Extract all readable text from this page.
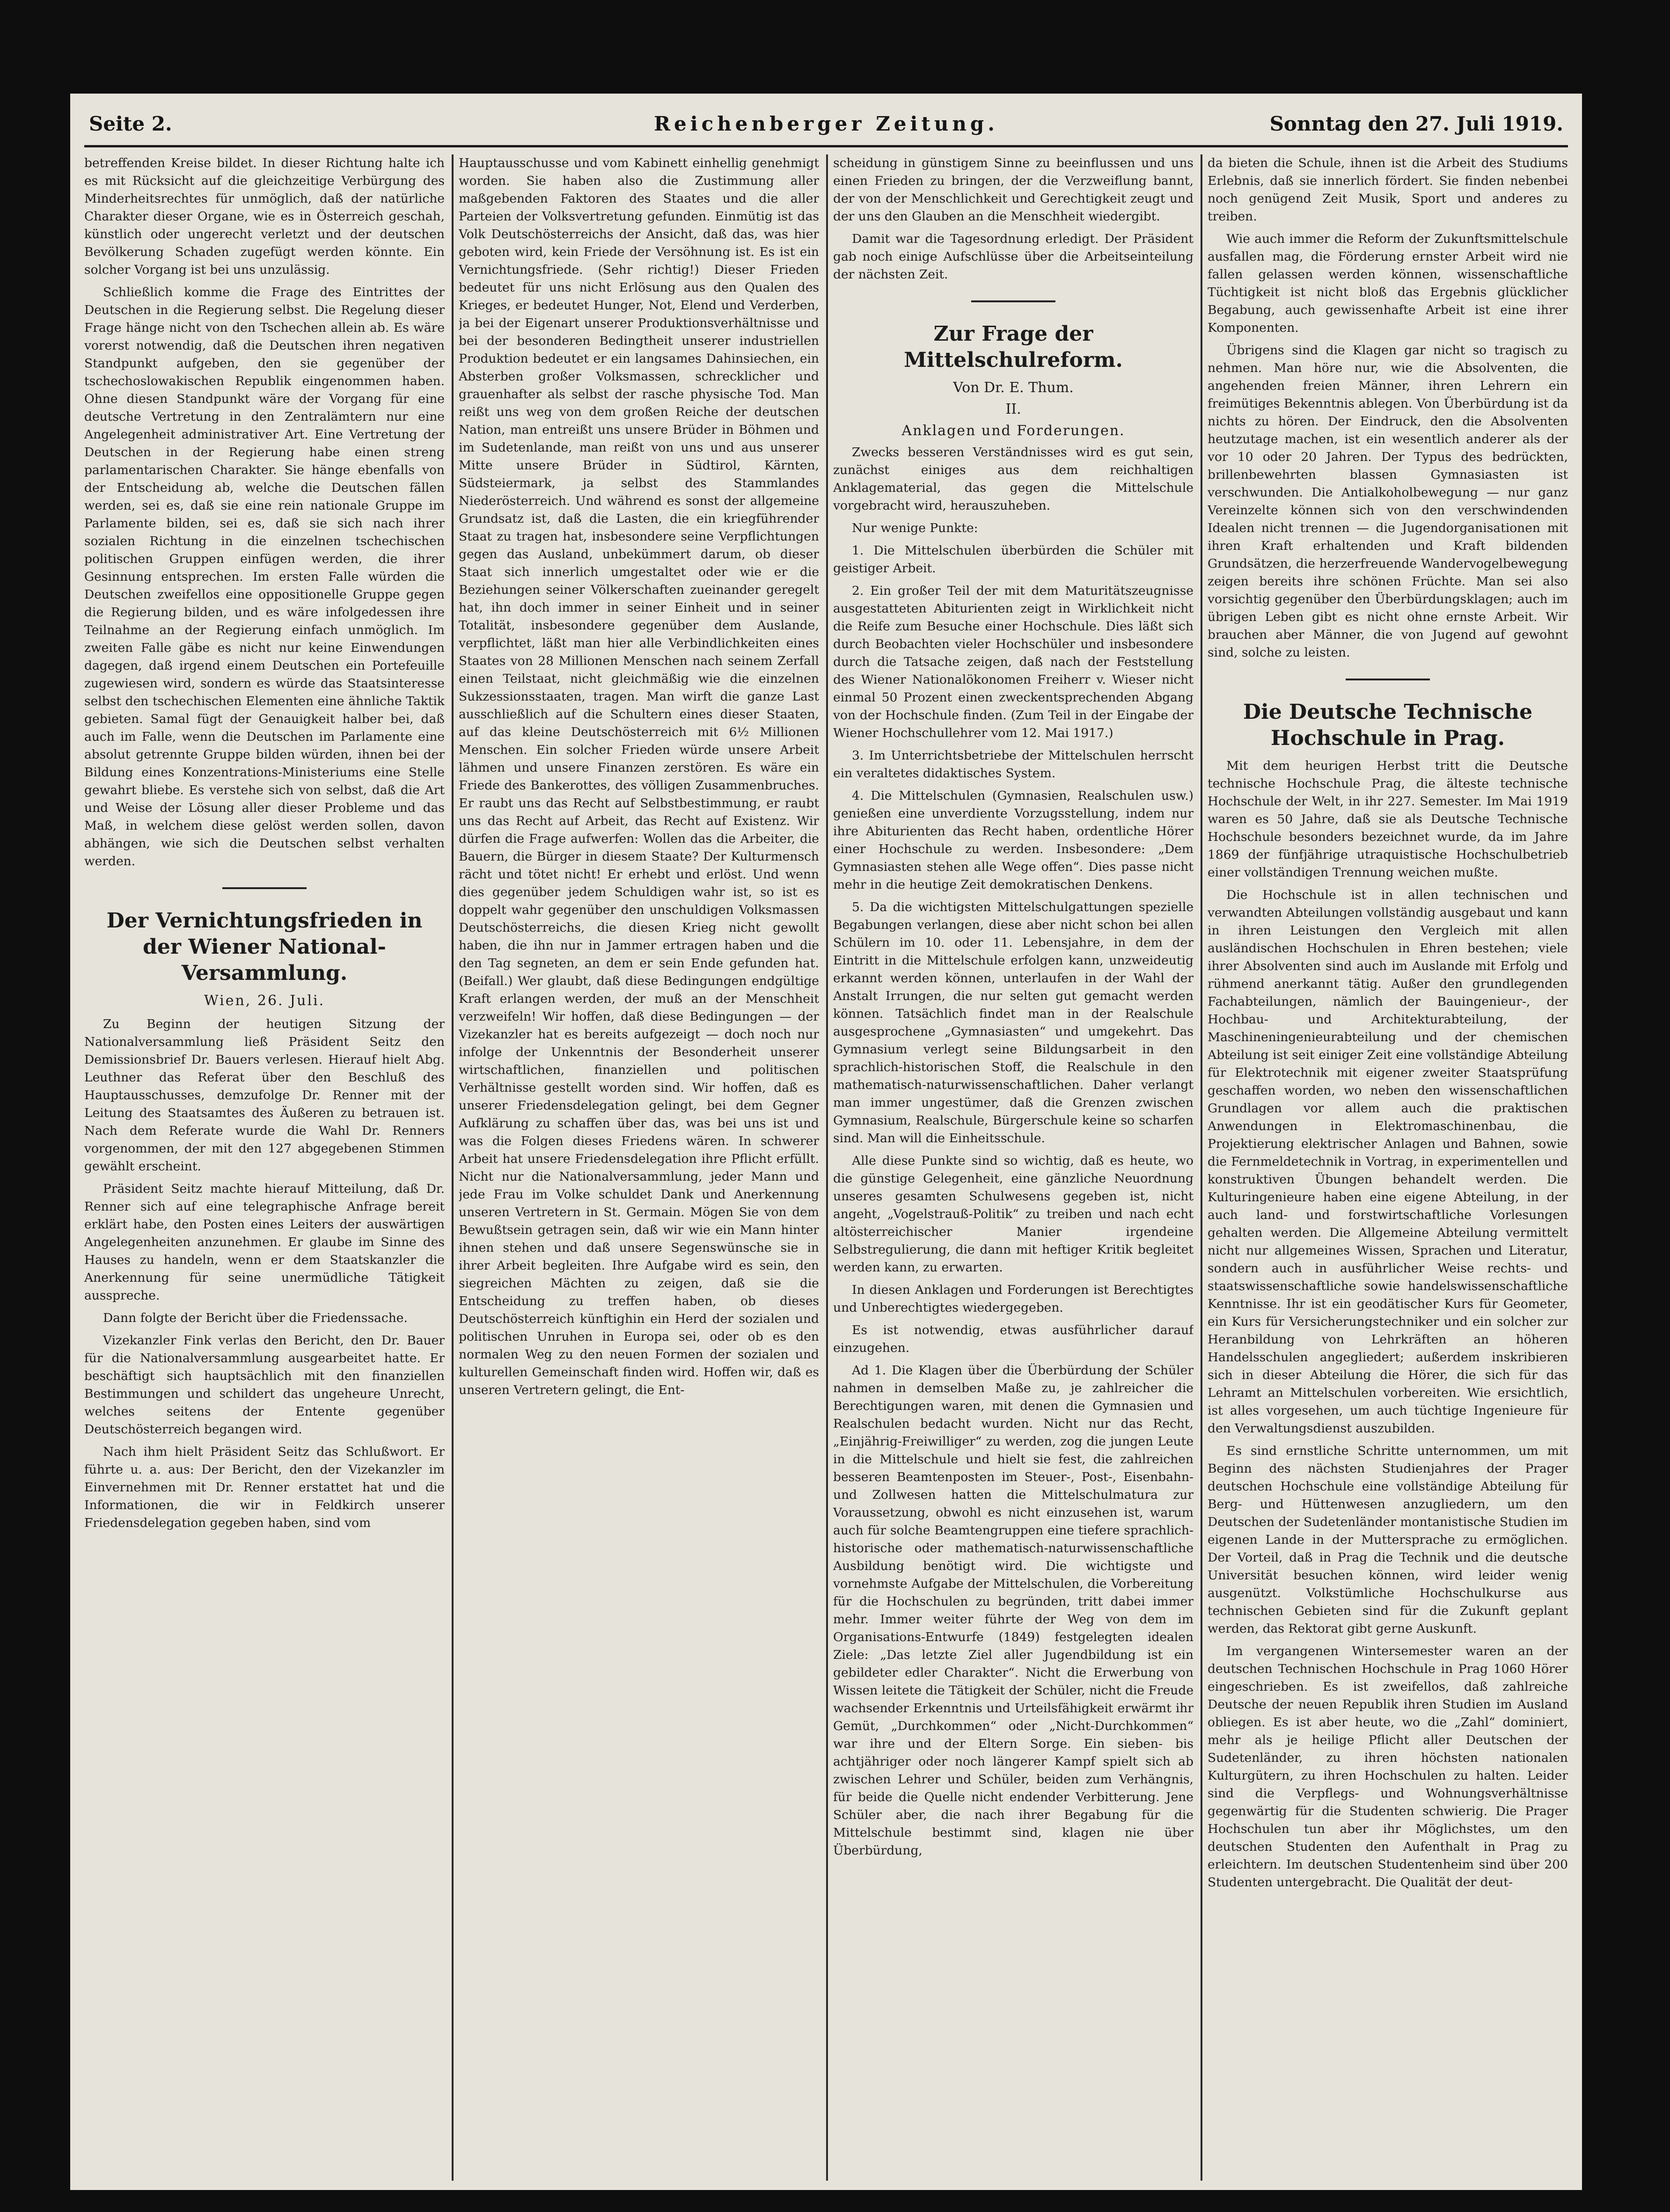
Seite 2.	Reichenberger Zeitung.	Sonntag den 27. Juli 1919.

betreffenden Kreise bildet. In dieser Richtung halte ich es mit Rücksicht auf die gleichzeitige Verbürgung des Minderheitsrechtes für unmöglich, daß der natürliche Charakter dieser Organe, wie es in Österreich geschah, künstlich oder ungerecht verletzt und der deutschen Bevölkerung Schaden zugefügt werden könnte. Ein solcher Vorgang ist bei uns unzulässig.

Schließlich komme die Frage des Eintrittes der Deutschen in die Regierung selbst. Die Regelung dieser Frage hänge nicht von den Tschechen allein ab. Es wäre vorerst notwendig, daß die Deutschen ihren negativen Standpunkt aufgeben, den sie gegenüber der tschechoslowakischen Republik eingenommen haben. Ohne diesen Standpunkt wäre der Vorgang für eine deutsche Vertretung in den Zentralämtern nur eine Angelegenheit administrativer Art. Eine Vertretung der Deutschen in der Regierung habe einen streng parlamentarischen Charakter. Sie hänge ebenfalls von der Entscheidung ab, welche die Deutschen fällen werden, sei es, daß sie eine rein nationale Gruppe im Parlamente bilden, sei es, daß sie sich nach ihrer sozialen Richtung in die einzelnen tschechischen politischen Gruppen einfügen werden, die ihrer Gesinnung entsprechen. Im ersten Falle würden die Deutschen zweifellos eine oppositionelle Gruppe gegen die Regierung bilden, und es wäre infolgedessen ihre Teilnahme an der Regierung einfach unmöglich. Im zweiten Falle gäbe es nicht nur keine Einwendungen dagegen, daß irgend einem Deutschen ein Portefeuille zugewiesen wird, sondern es würde das Staatsinteresse selbst den tschechischen Elementen eine ähnliche Taktik gebieten. Samal fügt der Genauigkeit halber bei, daß auch im Falle, wenn die Deutschen im Parlamente eine absolut getrennte Gruppe bilden würden, ihnen bei der Bildung eines Konzentrations-Ministeriums eine Stelle gewahrt bliebe. Es verstehe sich von selbst, daß die Art und Weise der Lösung aller dieser Probleme und das Maß, in welchem diese gelöst werden sollen, davon abhängen, wie sich die Deutschen selbst verhalten werden.

Der Vernichtungsfrieden in der Wiener National-Versammlung.
Wien, 26. Juli.

Zu Beginn der heutigen Sitzung der Nationalversammlung ließ Präsident Seitz den Demissionsbrief Dr. Bauers verlesen. Hierauf hielt Abg. Leuthner das Referat über den Beschluß des Hauptausschusses, demzufolge Dr. Renner mit der Leitung des Staatsamtes des Äußeren zu betrauen ist. Nach dem Referate wurde die Wahl Dr. Renners vorgenommen, der mit den 127 abgegebenen Stimmen gewählt erscheint.

Präsident Seitz machte hierauf Mitteilung, daß Dr. Renner sich auf eine telegraphische Anfrage bereit erklärt habe, den Posten eines Leiters der auswärtigen Angelegenheiten anzunehmen. Er glaube im Sinne des Hauses zu handeln, wenn er dem Staatskanzler die Anerkennung für seine unermüdliche Tätigkeit ausspreche.

Dann folgte der Bericht über die Friedenssache.

Vizekanzler Fink verlas den Bericht, den Dr. Bauer für die Nationalversammlung ausgearbeitet hatte. Er beschäftigt sich hauptsächlich mit den finanziellen Bestimmungen und schildert das ungeheure Unrecht, welches seitens der Entente gegenüber Deutschösterreich begangen wird.

Nach ihm hielt Präsident Seitz das Schlußwort. Er führte u. a. aus: Der Bericht, den der Vizekanzler im Einvernehmen mit Dr. Renner erstattet hat und die Informationen, die wir in Feldkirch unserer Friedensdelegation gegeben haben, sind vom

Hauptausschusse und vom Kabinett einhellig genehmigt worden. Sie haben also die Zustimmung aller maßgebenden Faktoren des Staates und die aller Parteien der Volksvertretung gefunden. Einmütig ist das Volk Deutschösterreichs der Ansicht, daß das, was hier geboten wird, kein Friede der Versöhnung ist. Es ist ein Vernichtungsfriede. (Sehr richtig!) Dieser Frieden bedeutet für uns nicht Erlösung aus den Qualen des Krieges, er bedeutet Hunger, Not, Elend und Verderben, ja bei der Eigenart unserer Produktionsverhältnisse und bei der besonderen Bedingtheit unserer industriellen Produktion bedeutet er ein langsames Dahinsiechen, ein Absterben großer Volksmassen, schrecklicher und grauenhafter als selbst der rasche physische Tod. Man reißt uns weg von dem großen Reiche der deutschen Nation, man entreißt uns unsere Brüder in Böhmen und im Sudetenlande, man reißt von uns und aus unserer Mitte unsere Brüder in Südtirol, Kärnten, Südsteiermark, ja selbst des Stammlandes Niederösterreich. Und während es sonst der allgemeine Grundsatz ist, daß die Lasten, die ein kriegführender Staat zu tragen hat, insbesondere seine Verpflichtungen gegen das Ausland, unbekümmert darum, ob dieser Staat sich innerlich umgestaltet oder wie er die Beziehungen seiner Völkerschaften zueinander geregelt hat, ihn doch immer in seiner Einheit und in seiner Totalität, insbesondere gegenüber dem Auslande, verpflichtet, läßt man hier alle Verbindlichkeiten eines Staates von 28 Millionen Menschen nach seinem Zerfall einen Teilstaat, nicht gleichmäßig wie die einzelnen Sukzessionsstaaten, tragen. Man wirft die ganze Last ausschließlich auf die Schultern eines dieser Staaten, auf das kleine Deutschösterreich mit 6½ Millionen Menschen. Ein solcher Frieden würde unsere Arbeit lähmen und unsere Finanzen zerstören. Es wäre ein Friede des Bankerottes, des völligen Zusammenbruches. Er raubt uns das Recht auf Selbstbestimmung, er raubt uns das Recht auf Arbeit, das Recht auf Existenz. Wir dürfen die Frage aufwerfen: Wollen das die Arbeiter, die Bauern, die Bürger in diesem Staate? Der Kulturmensch rächt und tötet nicht! Er erhebt und erlöst. Und wenn dies gegenüber jedem Schuldigen wahr ist, so ist es doppelt wahr gegenüber den unschuldigen Volksmassen Deutschösterreichs, die diesen Krieg nicht gewollt haben, die ihn nur in Jammer ertragen haben und die den Tag segneten, an dem er sein Ende gefunden hat. (Beifall.) Wer glaubt, daß diese Bedingungen endgültige Kraft erlangen werden, der muß an der Menschheit verzweifeln! Wir hoffen, daß diese Bedingungen — der Vizekanzler hat es bereits aufgezeigt — doch noch nur infolge der Unkenntnis der Besonderheit unserer wirtschaftlichen, finanziellen und politischen Verhältnisse gestellt worden sind. Wir hoffen, daß es unserer Friedensdelegation gelingt, bei dem Gegner Aufklärung zu schaffen über das, was bei uns ist und was die Folgen dieses Friedens wären. In schwerer Arbeit hat unsere Friedensdelegation ihre Pflicht erfüllt. Nicht nur die Nationalversammlung, jeder Mann und jede Frau im Volke schuldet Dank und Anerkennung unseren Vertretern in St. Germain. Mögen Sie von dem Bewußtsein getragen sein, daß wir wie ein Mann hinter ihnen stehen und daß unsere Segenswünsche sie in ihrer Arbeit begleiten. Ihre Aufgabe wird es sein, den siegreichen Mächten zu zeigen, daß sie die Entscheidung zu treffen haben, ob dieses Deutschösterreich künftighin ein Herd der sozialen und politischen Unruhen in Europa sei, oder ob es den normalen Weg zu den neuen Formen der sozialen und kulturellen Gemeinschaft finden wird. Hoffen wir, daß es unseren Vertretern gelingt, die Ent-

scheidung in günstigem Sinne zu beeinflussen und uns einen Frieden zu bringen, der die Verzweiflung bannt, der von der Menschlichkeit und Gerechtigkeit zeugt und der uns den Glauben an die Menschheit wiedergibt.

Damit war die Tagesordnung erledigt. Der Präsident gab noch einige Aufschlüsse über die Arbeitseinteilung der nächsten Zeit.

Zur Frage der Mittelschulreform.
Von Dr. E. Thum.
II.
Anklagen und Forderungen.

Zwecks besseren Verständnisses wird es gut sein, zunächst einiges aus dem reichhaltigen Anklagematerial, das gegen die Mittelschule vorgebracht wird, herauszuheben.

Nur wenige Punkte:

1. Die Mittelschulen überbürden die Schüler mit geistiger Arbeit.

2. Ein großer Teil der mit dem Maturitätszeugnisse ausgestatteten Abiturienten zeigt in Wirklichkeit nicht die Reife zum Besuche einer Hochschule. Dies läßt sich durch Beobachten vieler Hochschüler und insbesondere durch die Tatsache zeigen, daß nach der Feststellung des Wiener Nationalökonomen Freiherr v. Wieser nicht einmal 50 Prozent einen zweckentsprechenden Abgang von der Hochschule finden. (Zum Teil in der Eingabe der Wiener Hochschullehrer vom 12. Mai 1917.)

3. Im Unterrichtsbetriebe der Mittelschulen herrscht ein veraltetes didaktisches System.

4. Die Mittelschulen (Gymnasien, Realschulen usw.) genießen eine unverdiente Vorzugsstellung, indem nur ihre Abiturienten das Recht haben, ordentliche Hörer einer Hochschule zu werden. Insbesondere: „Dem Gymnasiasten stehen alle Wege offen“. Dies passe nicht mehr in die heutige Zeit demokratischen Denkens.

5. Da die wichtigsten Mittelschulgattungen spezielle Begabungen verlangen, diese aber nicht schon bei allen Schülern im 10. oder 11. Lebensjahre, in dem der Eintritt in die Mittelschule erfolgen kann, unzweideutig erkannt werden können, unterlaufen in der Wahl der Anstalt Irrungen, die nur selten gut gemacht werden können. Tatsächlich findet man in der Realschule ausgesprochene „Gymnasiasten“ und umgekehrt. Das Gymnasium verlegt seine Bildungsarbeit in den sprachlich-historischen Stoff, die Realschule in den mathematisch-naturwissenschaftlichen. Daher verlangt man immer ungestümer, daß die Grenzen zwischen Gymnasium, Realschule, Bürgerschule keine so scharfen sind. Man will die Einheitsschule.

Alle diese Punkte sind so wichtig, daß es heute, wo die günstige Gelegenheit, eine gänzliche Neuordnung unseres gesamten Schulwesens gegeben ist, nicht angeht, „Vogelstrauß-Politik“ zu treiben und nach echt altösterreichischer Manier irgendeine Selbstregulierung, die dann mit heftiger Kritik begleitet werden kann, zu erwarten.

In diesen Anklagen und Forderungen ist Berechtigtes und Unberechtigtes wiedergegeben.

Es ist notwendig, etwas ausführlicher darauf einzugehen.

Ad 1. Die Klagen über die Überbürdung der Schüler nahmen in demselben Maße zu, je zahlreicher die Berechtigungen waren, mit denen die Gymnasien und Realschulen bedacht wurden. Nicht nur das Recht, „Einjährig-Freiwilliger“ zu werden, zog die jungen Leute in die Mittelschule und hielt sie fest, die zahlreichen besseren Beamtenposten im Steuer-, Post-, Eisenbahn- und Zollwesen hatten die Mittelschulmatura zur Voraussetzung, obwohl es nicht einzusehen ist, warum auch für solche Beamtengruppen eine tiefere sprachlich-historische oder mathematisch-naturwissenschaftliche Ausbildung benötigt wird. Die wichtigste und vornehmste Aufgabe der Mittelschulen, die Vorbereitung für die Hochschulen zu begründen, tritt dabei immer mehr. Immer weiter führte der Weg von dem im Organisations-Entwurfe (1849) festgelegten idealen Ziele: „Das letzte Ziel aller Jugendbildung ist ein gebildeter edler Charakter“. Nicht die Erwerbung von Wissen leitete die Tätigkeit der Schüler, nicht die Freude wachsender Erkenntnis und Urteilsfähigkeit erwärmt ihr Gemüt, „Durchkommen“ oder „Nicht-Durchkommen“ war ihre und der Eltern Sorge. Ein sieben- bis achtjähriger oder noch längerer Kampf spielt sich ab zwischen Lehrer und Schüler, beiden zum Verhängnis, für beide die Quelle nicht endender Verbitterung. Jene Schüler aber, die nach ihrer Begabung für die Mittelschule bestimmt sind, klagen nie über Überbürdung,

da bieten die Schule, ihnen ist die Arbeit des Studiums Erlebnis, daß sie innerlich fördert. Sie finden nebenbei noch genügend Zeit Musik, Sport und anderes zu treiben.

Wie auch immer die Reform der Zukunftsmittelschule ausfallen mag, die Förderung ernster Arbeit wird nie fallen gelassen werden können, wissenschaftliche Tüchtigkeit ist nicht bloß das Ergebnis glücklicher Begabung, auch gewissenhafte Arbeit ist eine ihrer Komponenten.

Übrigens sind die Klagen gar nicht so tragisch zu nehmen. Man höre nur, wie die Absolventen, die angehenden freien Männer, ihren Lehrern ein freimütiges Bekenntnis ablegen. Von Überbürdung ist da nichts zu hören. Der Eindruck, den die Absolventen heutzutage machen, ist ein wesentlich anderer als der vor 10 oder 20 Jahren. Der Typus des bedrückten, brillenbewehrten blassen Gymnasiasten ist verschwunden. Die Antialkoholbewegung — nur ganz Vereinzelte können sich von den verschwindenden Idealen nicht trennen — die Jugendorganisationen mit ihren Kraft erhaltenden und Kraft bildenden Grundsätzen, die herzerfreuende Wandervogelbewegung zeigen bereits ihre schönen Früchte. Man sei also vorsichtig gegenüber den Überbürdungsklagen; auch im übrigen Leben gibt es nicht ohne ernste Arbeit. Wir brauchen aber Männer, die von Jugend auf gewohnt sind, solche zu leisten.

Die Deutsche Technische Hochschule in Prag.

Mit dem heurigen Herbst tritt die Deutsche technische Hochschule Prag, die älteste technische Hochschule der Welt, in ihr 227. Semester. Im Mai 1919 waren es 50 Jahre, daß sie als Deutsche Technische Hochschule besonders bezeichnet wurde, da im Jahre 1869 der fünfjährige utraquistische Hochschulbetrieb einer vollständigen Trennung weichen mußte.

Die Hochschule ist in allen technischen und verwandten Abteilungen vollständig ausgebaut und kann in ihren Leistungen den Vergleich mit allen ausländischen Hochschulen in Ehren bestehen; viele ihrer Absolventen sind auch im Auslande mit Erfolg und rühmend anerkannt tätig. Außer den grundlegenden Fachabteilungen, nämlich der Bauingenieur-, der Hochbau- und Architekturabteilung, der Maschineningenieurabteilung und der chemischen Abteilung ist seit einiger Zeit eine vollständige Abteilung für Elektrotechnik mit eigener zweiter Staatsprüfung geschaffen worden, wo neben den wissenschaftlichen Grundlagen vor allem auch die praktischen Anwendungen in Elektromaschinenbau, die Projektierung elektrischer Anlagen und Bahnen, sowie die Fernmeldetechnik in Vortrag, in experimentellen und konstruktiven Übungen behandelt werden. Die Kulturingenieure haben eine eigene Abteilung, in der auch land- und forstwirtschaftliche Vorlesungen gehalten werden. Die Allgemeine Abteilung vermittelt nicht nur allgemeines Wissen, Sprachen und Literatur, sondern auch in ausführlicher Weise rechts- und staatswissenschaftliche sowie handelswissenschaftliche Kenntnisse. Ihr ist ein geodätischer Kurs für Geometer, ein Kurs für Versicherungstechniker und ein solcher zur Heranbildung von Lehrkräften an höheren Handelsschulen angegliedert; außerdem inskribieren sich in dieser Abteilung die Hörer, die sich für das Lehramt an Mittelschulen vorbereiten. Wie ersichtlich, ist alles vorgesehen, um auch tüchtige Ingenieure für den Verwaltungsdienst auszubilden.

Es sind ernstliche Schritte unternommen, um mit Beginn des nächsten Studienjahres der Prager deutschen Hochschule eine vollständige Abteilung für Berg- und Hüttenwesen anzugliedern, um den Deutschen der Sudetenländer montanistische Studien im eigenen Lande in der Muttersprache zu ermöglichen. Der Vorteil, daß in Prag die Technik und die deutsche Universität besuchen können, wird leider wenig ausgenützt. Volkstümliche Hochschulkurse aus technischen Gebieten sind für die Zukunft geplant werden, das Rektorat gibt gerne Auskunft.

Im vergangenen Wintersemester waren an der deutschen Technischen Hochschule in Prag 1060 Hörer eingeschrieben. Es ist zweifellos, daß zahlreiche Deutsche der neuen Republik ihren Studien im Ausland obliegen. Es ist aber heute, wo die „Zahl“ dominiert, mehr als je heilige Pflicht aller Deutschen der Sudetenländer, zu ihren höchsten nationalen Kulturgütern, zu ihren Hochschulen zu halten. Leider sind die Verpflegs- und Wohnungsverhältnisse gegenwärtig für die Studenten schwierig. Die Prager Hochschulen tun aber ihr Möglichstes, um den deutschen Studenten den Aufenthalt in Prag zu erleichtern. Im deutschen Studentenheim sind über 200 Studenten untergebracht. Die Qualität der deut-
